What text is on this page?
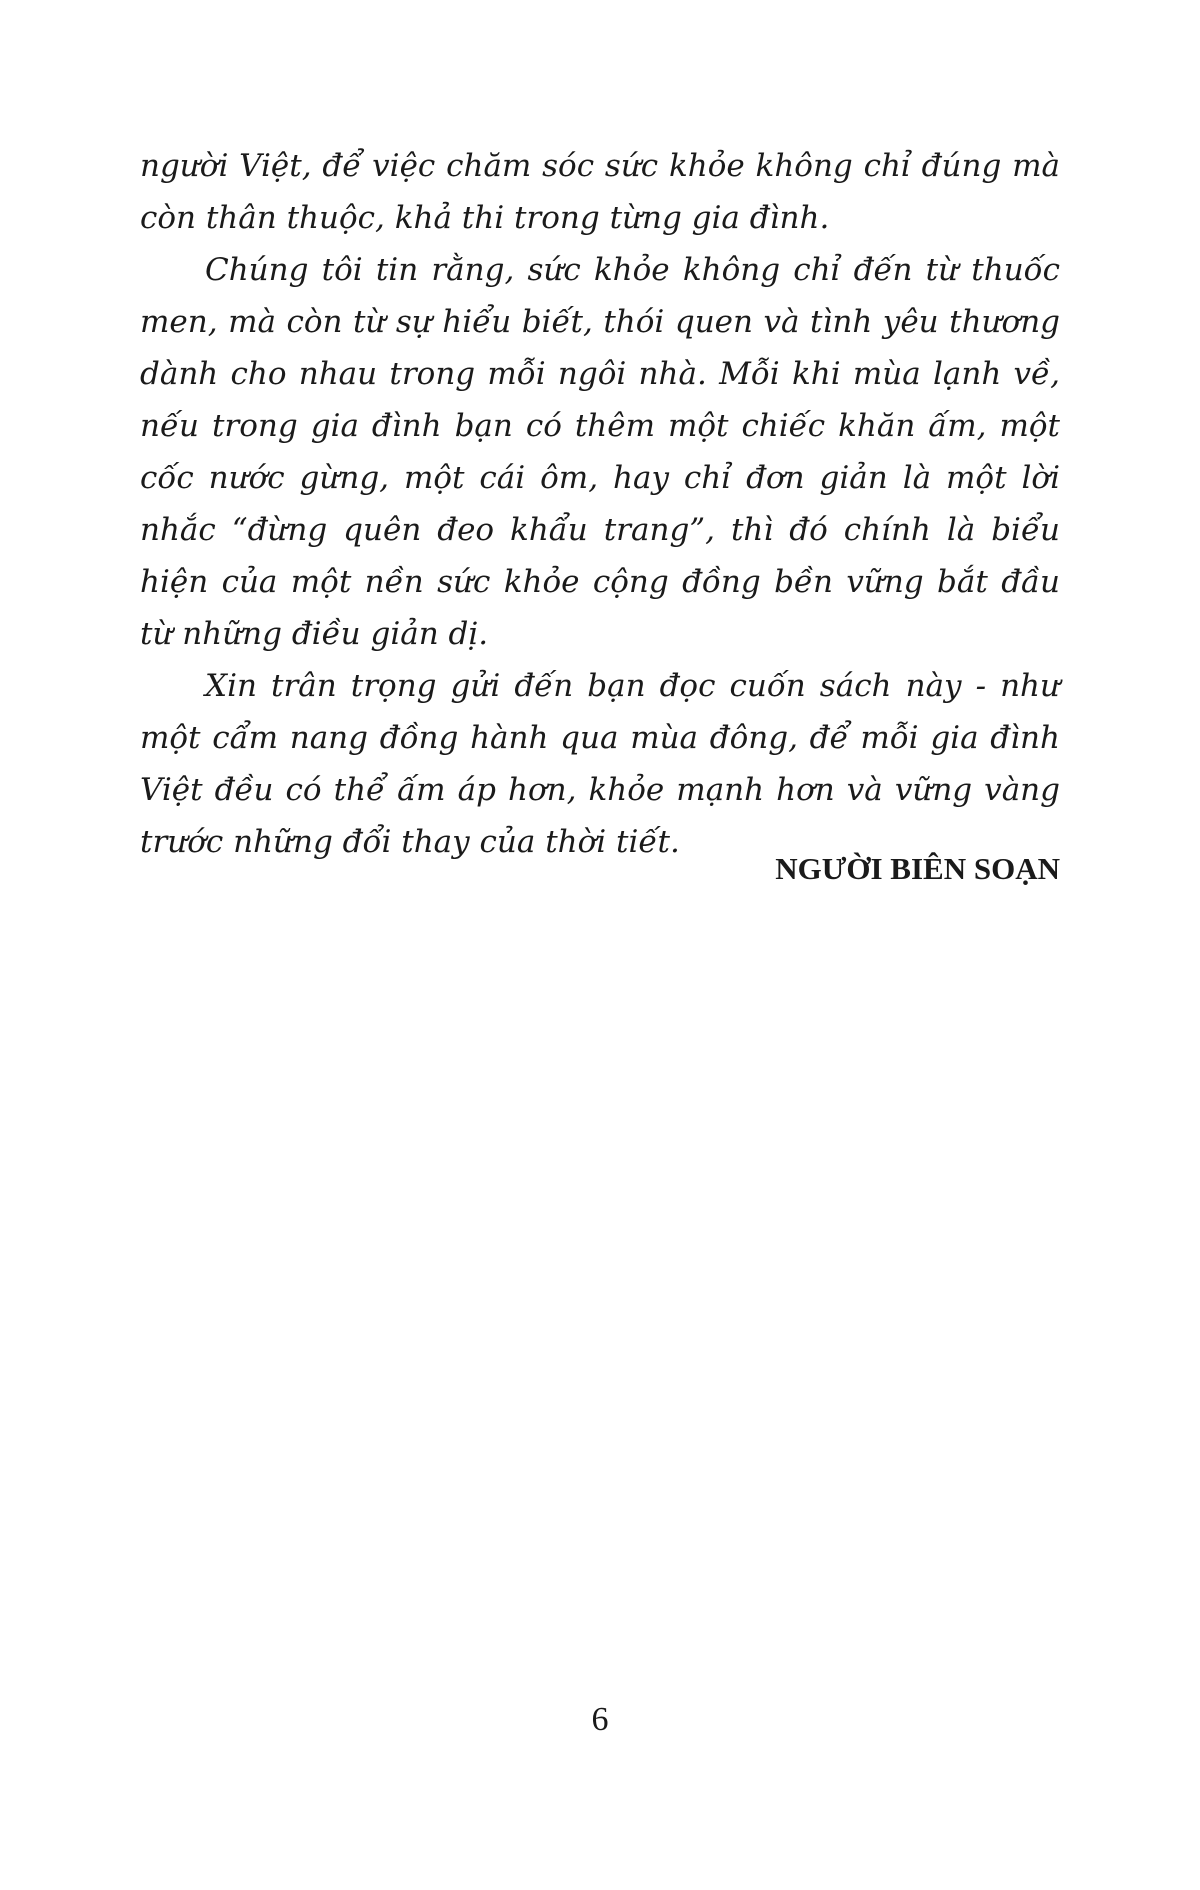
người Việt, để việc chăm sóc sức khỏe không chỉ đúng mà còn thân thuộc, khả thi trong từng gia đình.

Chúng tôi tin rằng, sức khỏe không chỉ đến từ thuốc men, mà còn từ sự hiểu biết, thói quen và tình yêu thương dành cho nhau trong mỗi ngôi nhà. Mỗi khi mùa lạnh về, nếu trong gia đình bạn có thêm một chiếc khăn ấm, một cốc nước gừng, một cái ôm, hay chỉ đơn giản là một lời nhắc “đừng quên đeo khẩu trang”, thì đó chính là biểu hiện của một nền sức khỏe cộng đồng bền vững bắt đầu từ những điều giản dị.

Xin trân trọng gửi đến bạn đọc cuốn sách này - như một cẩm nang đồng hành qua mùa đông, để mỗi gia đình Việt đều có thể ấm áp hơn, khỏe mạnh hơn và vững vàng trước những đổi thay của thời tiết.

NGƯỜI BIÊN SOẠN
6
